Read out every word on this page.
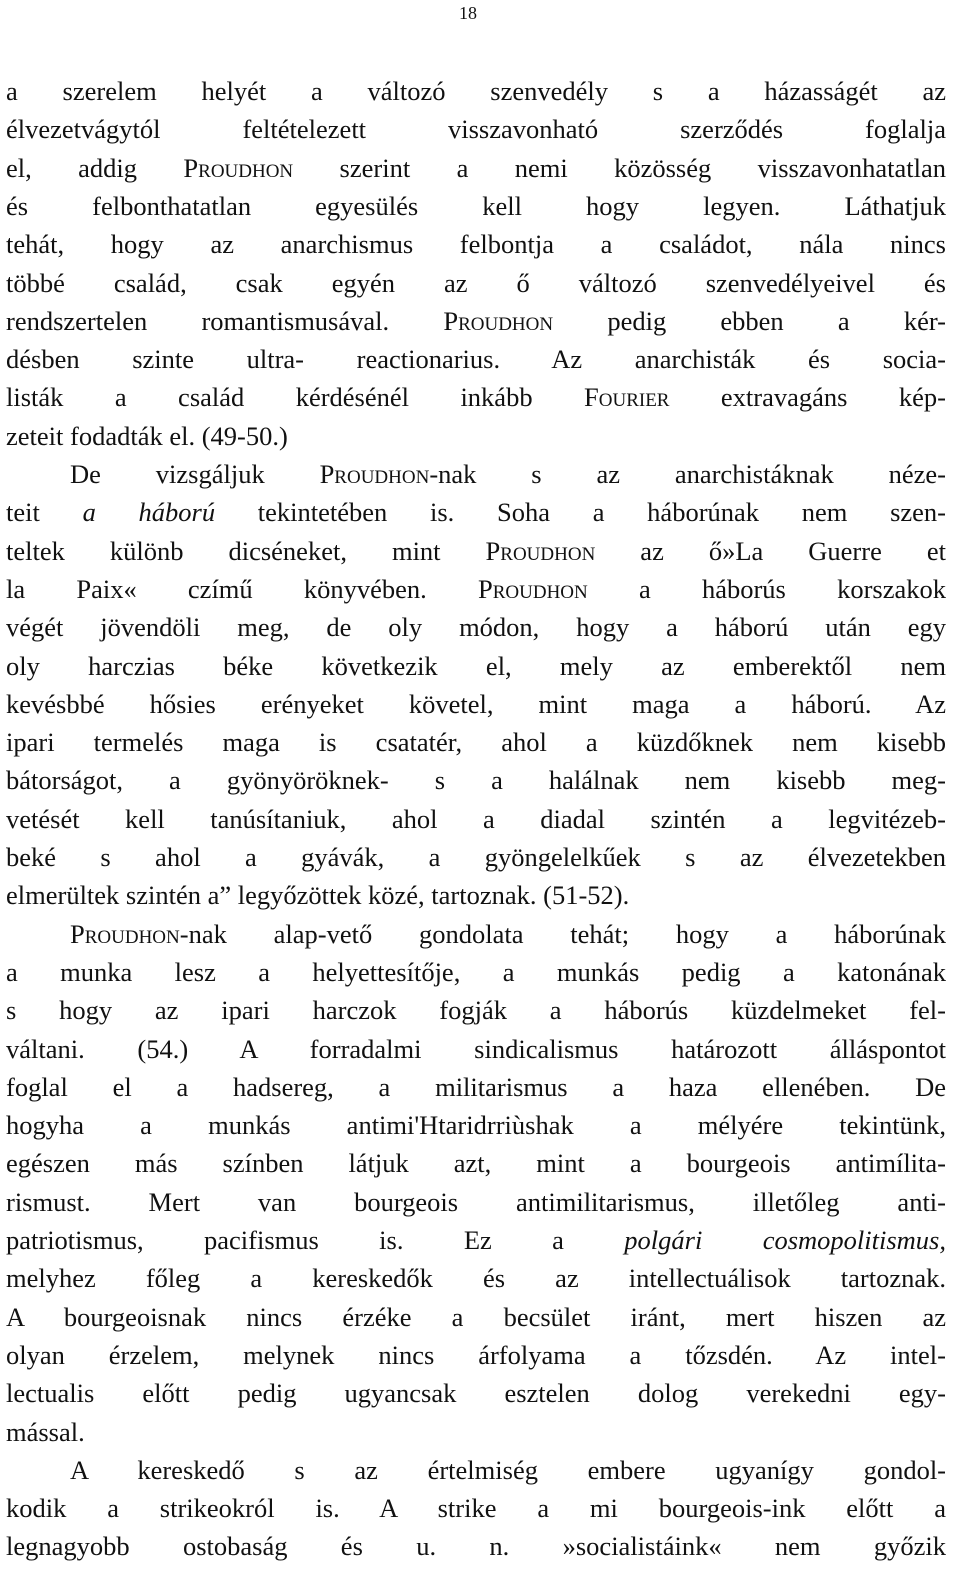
18
a szerelem helyét a változó szenvedély s a házasságét az
élvezetvágytól feltételezett visszavonható szerződés foglalja
el, addig Proudhon szerint a nemi közösség visszavonhatatlan
és felbonthatatlan egyesülés kell hogy legyen. Láthatjuk
tehát, hogy az anarchismus felbontja a családot, nála nincs
többé család, csak egyén az ő változó szenvedélyeivel és
rendszertelen romantismusával. Proudhon pedig ebben a kér-
désben szinte ultra- reactionarius. Az anarchisták és socia-
listák a család kérdésénél inkább Fourier extravagáns kép-
zeteit fodadták el. (49-50.)
De vizsgáljuk Proudhon-nak s az anarchistáknak néze-
teit a háború tekintetében is. Soha a háborúnak nem szen-
teltek különb dicséneket, mint Proudhon az ő»La Guerre et
la Paix« czímű könyvében. Proudhon a háborús korszakok
végét jövendöli meg, de oly módon, hogy a háború után egy
oly harczias béke következik el, mely az emberektől nem
kevésbbé hősies erényeket követel, mint maga a háború. Az
ipari termelés maga is csatatér, ahol a küzdőknek nem kisebb
bátorságot, a gyönyöröknek- s a halálnak nem kisebb meg-
vetését kell tanúsítaniuk, ahol a diadal szintén a legvitézeb-
beké s ahol a gyávák, a gyöngelelkűek s az élvezetekben
elmerültek szintén a” legyőzöttek közé, tartoznak. (51-52).
Proudhon-nak alap-vető gondolata tehát; hogy a háborúnak
a munka lesz a helyettesítője, a munkás pedig a katonának
s hogy az ipari harczok fogják a háborús küzdelmeket fel-
váltani. (54.) A forradalmi sindicalismus határozott álláspontot
foglal el a hadsereg, a militarismus a haza ellenében. De
hogyha a munkás antimi'Htaridrriùshak a mélyére tekintünk,
egészen más színben látjuk azt, mint a bourgeois antimílita-
rismust. Mert van bourgeois antimilitarismus, illetőleg anti-
patriotismus, pacifismus is. Ez a polgári cosmopolitismus,
melyhez főleg a kereskedők és az intellectuálisok tartoznak.
A bourgeoisnak nincs érzéke a becsület iránt, mert hiszen az
olyan érzelem, melynek nincs árfolyama a tőzsdén. Az intel-
lectualis előtt pedig ugyancsak esztelen dolog verekedni egy-
mással.
A kereskedő s az értelmiség embere ugyanígy gondol-
kodik a strikeokról is. A strike a mi bourgeois-ink előtt a
legnagyobb ostobaság és u. n. »socialistáink« nem győzik
